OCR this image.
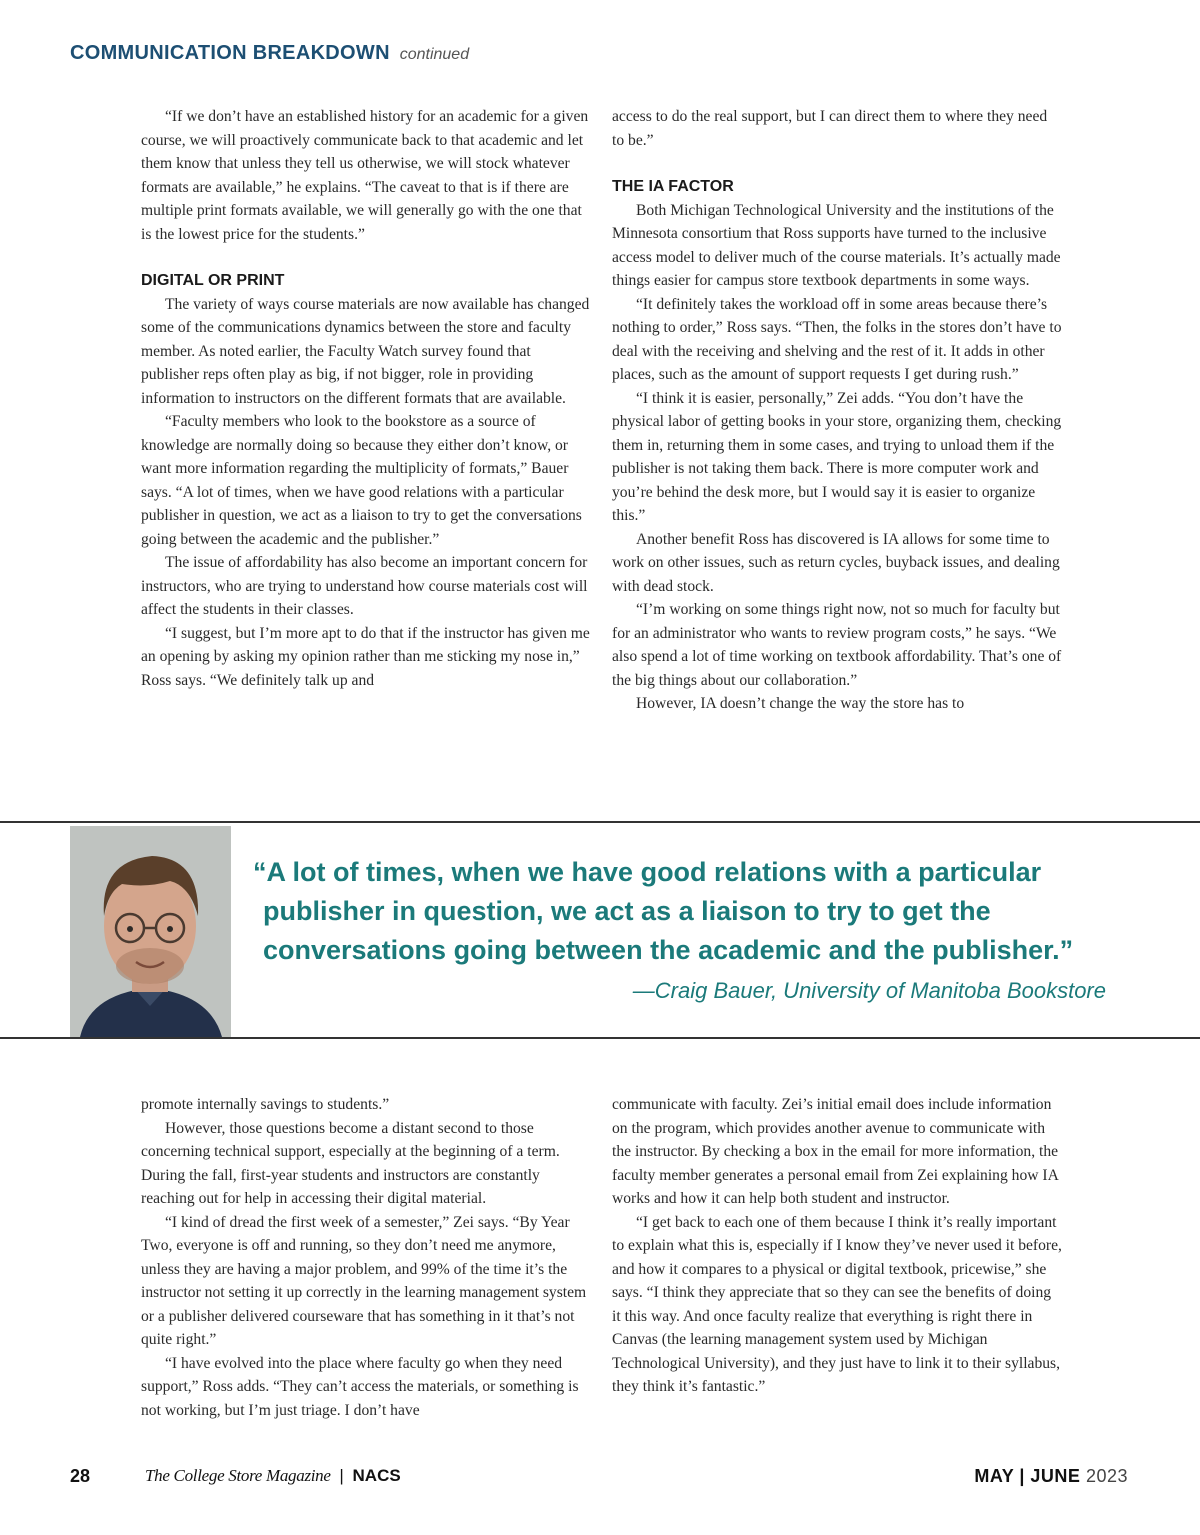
COMMUNICATION BREAKDOWN continued

“If we don’t have an established history for an academic for a given course, we will proactively communicate back to that academic and let them know that unless they tell us otherwise, we will stock whatever formats are available,” he explains. “The caveat to that is if there are multiple print formats available, we will generally go with the one that is the lowest price for the students.”

DIGITAL OR PRINT

The variety of ways course materials are now available has changed some of the communications dynamics between the store and faculty member. As noted earlier, the Faculty Watch survey found that publisher reps often play as big, if not bigger, role in providing information to instructors on the different formats that are available.

“Faculty members who look to the bookstore as a source of knowledge are normally doing so because they either don’t know, or want more information regarding the multiplicity of formats,” Bauer says. “A lot of times, when we have good relations with a particular publisher in question, we act as a liaison to try to get the conversations going between the academic and the publisher.”

The issue of affordability has also become an important concern for instructors, who are trying to understand how course materials cost will affect the students in their classes.

“I suggest, but I’m more apt to do that if the instructor has given me an opening by asking my opinion rather than me sticking my nose in,” Ross says. “We definitely talk up and

access to do the real support, but I can direct them to where they need to be.”

THE IA FACTOR

Both Michigan Technological University and the institutions of the Minnesota consortium that Ross supports have turned to the inclusive access model to deliver much of the course materials. It’s actually made things easier for campus store textbook departments in some ways.

“It definitely takes the workload off in some areas because there’s nothing to order,” Ross says. “Then, the folks in the stores don’t have to deal with the receiving and shelving and the rest of it. It adds in other places, such as the amount of support requests I get during rush.”

“I think it is easier, personally,” Zei adds. “You don’t have the physical labor of getting books in your store, organizing them, checking them in, returning them in some cases, and trying to unload them if the publisher is not taking them back. There is more computer work and you’re behind the desk more, but I would say it is easier to organize this.”

Another benefit Ross has discovered is IA allows for some time to work on other issues, such as return cycles, buyback issues, and dealing with dead stock.

“I’m working on some things right now, not so much for faculty but for an administrator who wants to review program costs,” he says. “We also spend a lot of time working on textbook affordability. That’s one of the big things about our collaboration.”

However, IA doesn’t change the way the store has to

“A lot of times, when we have good relations with a particular
publisher in question, we act as a liaison to try to get the
conversations going between the academic and the publisher.”
—Craig Bauer, University of Manitoba Bookstore

promote internally savings to students.”

However, those questions become a distant second to those concerning technical support, especially at the beginning of a term. During the fall, first-year students and instructors are constantly reaching out for help in accessing their digital material.

“I kind of dread the first week of a semester,” Zei says. “By Year Two, everyone is off and running, so they don’t need me anymore, unless they are having a major problem, and 99% of the time it’s the instructor not setting it up correctly in the learning management system or a publisher delivered courseware that has something in it that’s not quite right.”

“I have evolved into the place where faculty go when they need support,” Ross adds. “They can’t access the materials, or something is not working, but I’m just triage. I don’t have

communicate with faculty. Zei’s initial email does include information on the program, which provides another avenue to communicate with the instructor. By checking a box in the email for more information, the faculty member generates a personal email from Zei explaining how IA works and how it can help both student and instructor.

“I get back to each one of them because I think it’s really important to explain what this is, especially if I know they’ve never used it before, and how it compares to a physical or digital textbook, pricewise,” she says. “I think they appreciate that so they can see the benefits of doing it this way. And once faculty realize that everything is right there in Canvas (the learning management system used by Michigan Technological University), and they just have to link it to their syllabus, they think it’s fantastic.”

28	The College Store Magazine | NACS	MAY | JUNE 2023
